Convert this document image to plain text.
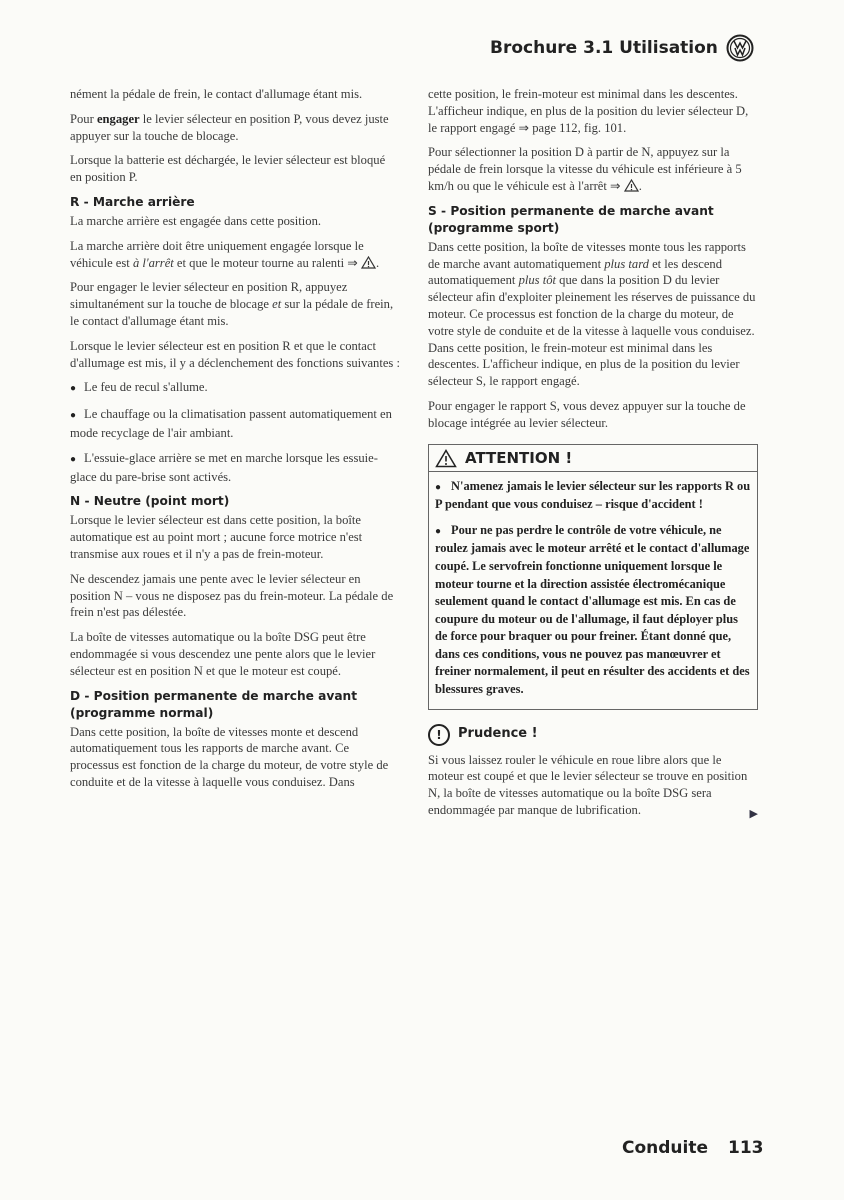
Brochure 3.1 Utilisation

nément la pédale de frein, le contact d'allumage étant mis.

Pour engager le levier sélecteur en position P, vous devez juste appuyer sur la touche de blocage.

Lorsque la batterie est déchargée, le levier sélecteur est bloqué en position P.

R - Marche arrière

La marche arrière est engagée dans cette position.

La marche arrière doit être uniquement engagée lorsque le véhicule est à l'arrêt et que le moteur tourne au ralenti ⇒ .

Pour engager le levier sélecteur en position R, appuyez simultanément sur la touche de blocage et sur la pédale de frein, le contact d'allumage étant mis.

Lorsque le levier sélecteur est en position R et que le contact d'allumage est mis, il y a déclenchement des fonctions suivantes :

● Le feu de recul s'allume.

● Le chauffage ou la climatisation passent automatiquement en mode recyclage de l'air ambiant.

● L'essuie-glace arrière se met en marche lorsque les essuie-glace du pare-brise sont activés.

N - Neutre (point mort)

Lorsque le levier sélecteur est dans cette position, la boîte automatique est au point mort ; aucune force motrice n'est transmise aux roues et il n'y a pas de frein-moteur.

Ne descendez jamais une pente avec le levier sélecteur en position N – vous ne disposez pas du frein-moteur. La pédale de frein n'est pas délestée.

La boîte de vitesses automatique ou la boîte DSG peut être endommagée si vous descendez une pente alors que le levier sélecteur est en position N et que le moteur est coupé.

D - Position permanente de marche avant (programme normal)

Dans cette position, la boîte de vitesses monte et descend automatiquement tous les rapports de marche avant. Ce processus est fonction de la charge du moteur, de votre style de conduite et de la vitesse à laquelle vous conduisez. Dans

cette position, le frein-moteur est minimal dans les descentes. L'afficheur indique, en plus de la position du levier sélecteur D, le rapport engagé ⇒ page 112, fig. 101.

Pour sélectionner la position D à partir de N, appuyez sur la pédale de frein lorsque la vitesse du véhicule est inférieure à 5 km/h ou que le véhicule est à l'arrêt ⇒ .

S - Position permanente de marche avant (programme sport)

Dans cette position, la boîte de vitesses monte tous les rapports de marche avant automatiquement plus tard et les descend automatiquement plus tôt que dans la position D du levier sélecteur afin d'exploiter pleinement les réserves de puissance du moteur. Ce processus est fonction de la charge du moteur, de votre style de conduite et de la vitesse à laquelle vous conduisez. Dans cette position, le frein-moteur est minimal dans les descentes. L'afficheur indique, en plus de la position du levier sélecteur S, le rapport engagé.

Pour engager le rapport S, vous devez appuyer sur la touche de blocage intégrée au levier sélecteur.

ATTENTION !

● N'amenez jamais le levier sélecteur sur les rapports R ou P pendant que vous conduisez – risque d'accident !

● Pour ne pas perdre le contrôle de votre véhicule, ne roulez jamais avec le moteur arrêté et le contact d'allumage coupé. Le servofrein fonctionne uniquement lorsque le moteur tourne et la direction assistée électromécanique seulement quand le contact d'allumage est mis. En cas de coupure du moteur ou de l'allumage, il faut déployer plus de force pour braquer ou pour freiner. Étant donné que, dans ces conditions, vous ne pouvez pas manœuvrer et freiner normalement, il peut en résulter des accidents et des blessures graves.

!	Prudence !

Si vous laissez rouler le véhicule en roue libre alors que le moteur est coupé et que le levier sélecteur se trouve en position N, la boîte de vitesses automatique ou la boîte DSG sera endommagée par manque de lubrification.	▶
Conduite 113
